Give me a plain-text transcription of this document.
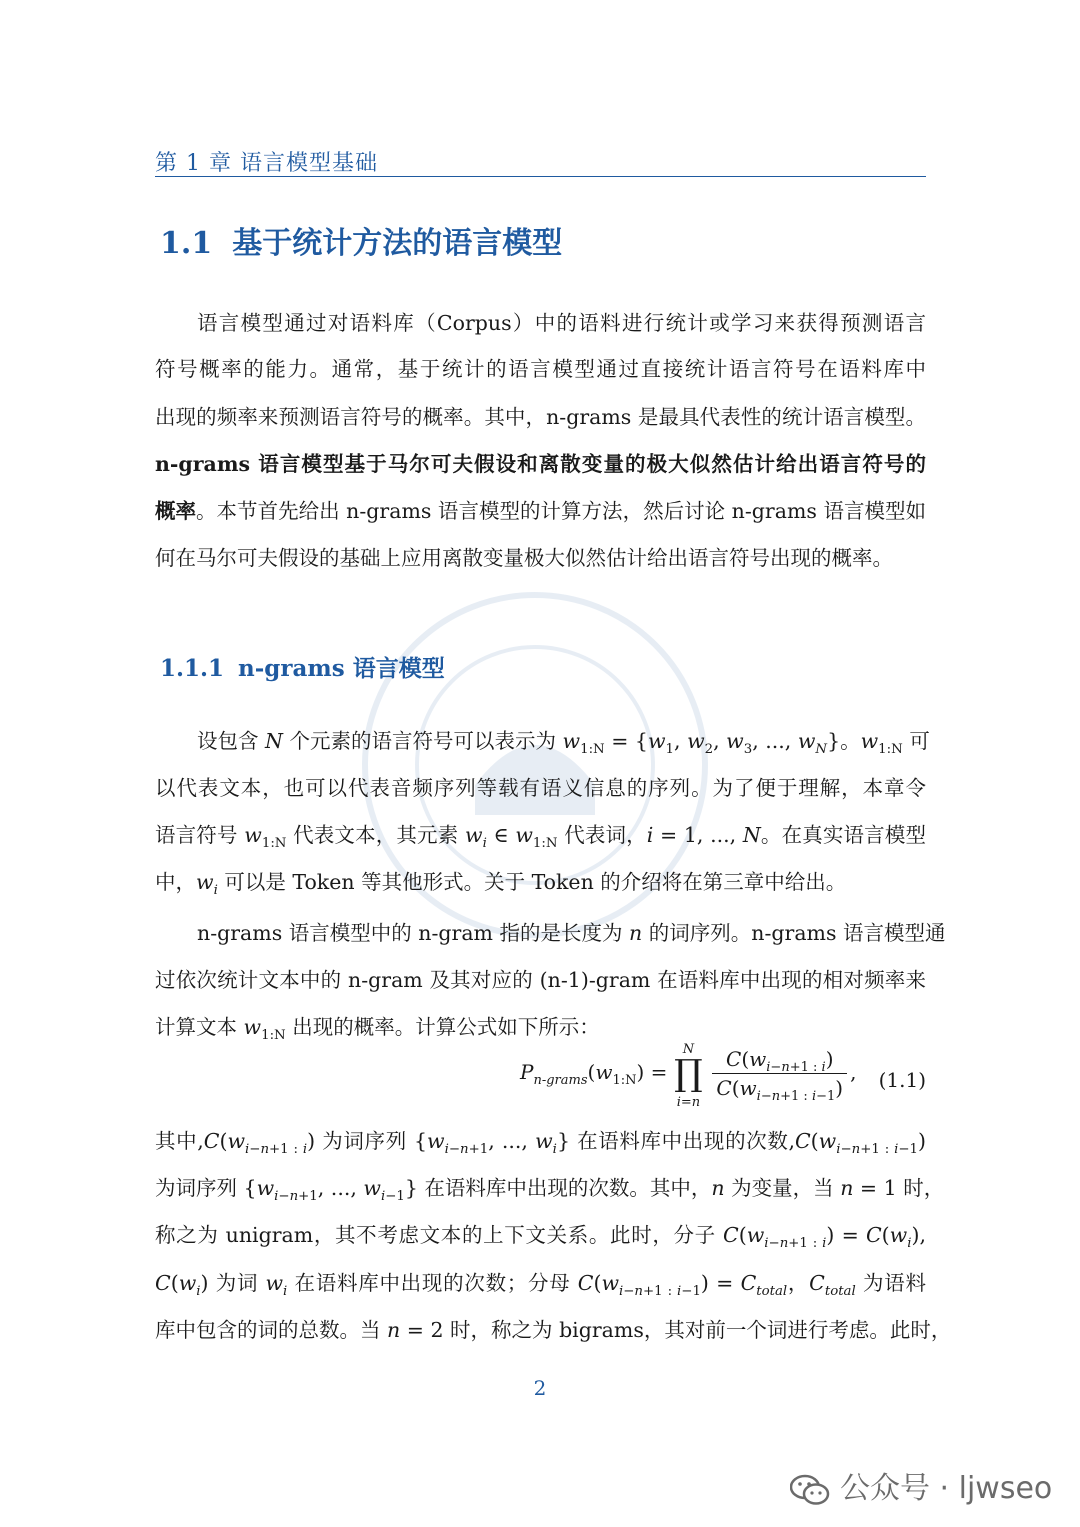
第 1 章 语言模型基础
1.1 基于统计方法的语言模型
语言模型通过对语料库（Corpus）中的语料进行统计或学习来获得预测语言
符号概率的能力。通常，基于统计的语言模型通过直接统计语言符号在语料库中
出现的频率来预测语言符号的概率。其中，n-grams 是最具代表性的统计语言模型。
n-grams 语言模型基于马尔可夫假设和离散变量的极大似然估计给出语言符号的
概率。本节首先给出 n-grams 语言模型的计算方法，然后讨论 n-grams 语言模型如
何在马尔可夫假设的基础上应用离散变量极大似然估计给出语言符号出现的概率。
1.1.1 n-grams 语言模型
设包含 N 个元素的语言符号可以表示为 $w_{1:N} = \{w_1$, $w_2$, $w_3$, ..., $w_N$}。$w_{1:N}$ 可
以代表文本，也可以代表音频序列等载有语义信息的序列。为了便于理解，本章令
语言符号 $w_{1:N}$ 代表文本，其元素 $w_i$ ∈ $w_{1:N}$ 代表词，i = 1, ..., N。在真实语言模型
中，$w_i$ 可以是 Token 等其他形式。关于 Token 的介绍将在第三章中给出。
n-grams 语言模型中的 n-gram 指的是长度为 n 的词序列。n-grams 语言模型通
过依次统计文本中的 n-gram 及其对应的 (n-1)-gram 在语料库中出现的相对频率来
计算文本 $w_{1:N}$ 出现的概率。计算公式如下所示：
$P_{n-grams}(w_{1:N})$ =
N
∏
$i=n \frac{C(w_{i-n+1 : i})}{C(w_{i-n+1 : i-1})}$ , (1.1)
其中$,C(w_{i-n+1 : i})$ 为词序列 {$w_{i-n+1}$, ..., $w_i$} 在语料库中出现的次数$,C(w_{i-n+1 : i-1})$
为词序列 {$w_{i-n+1}$, ..., $w_{i-1}$} 在语料库中出现的次数。其中，n 为变量，当 n = 1 时，
称之为 unigram，其不考虑文本的上下文关系。此时，分子 $C(w_{i-n+1 : i}) = C(w_i)$,
$C(w_i)$ 为词 $w_i$ 在语料库中出现的次数；分母 $C(w_{i-n+1 : i-1}) = C_{total}$，$C_{total}$ 为语料
库中包含的词的总数。当 n = 2 时，称之为 bigrams，其对前一个词进行考虑。此时，
2
公众号 · ljwseo
